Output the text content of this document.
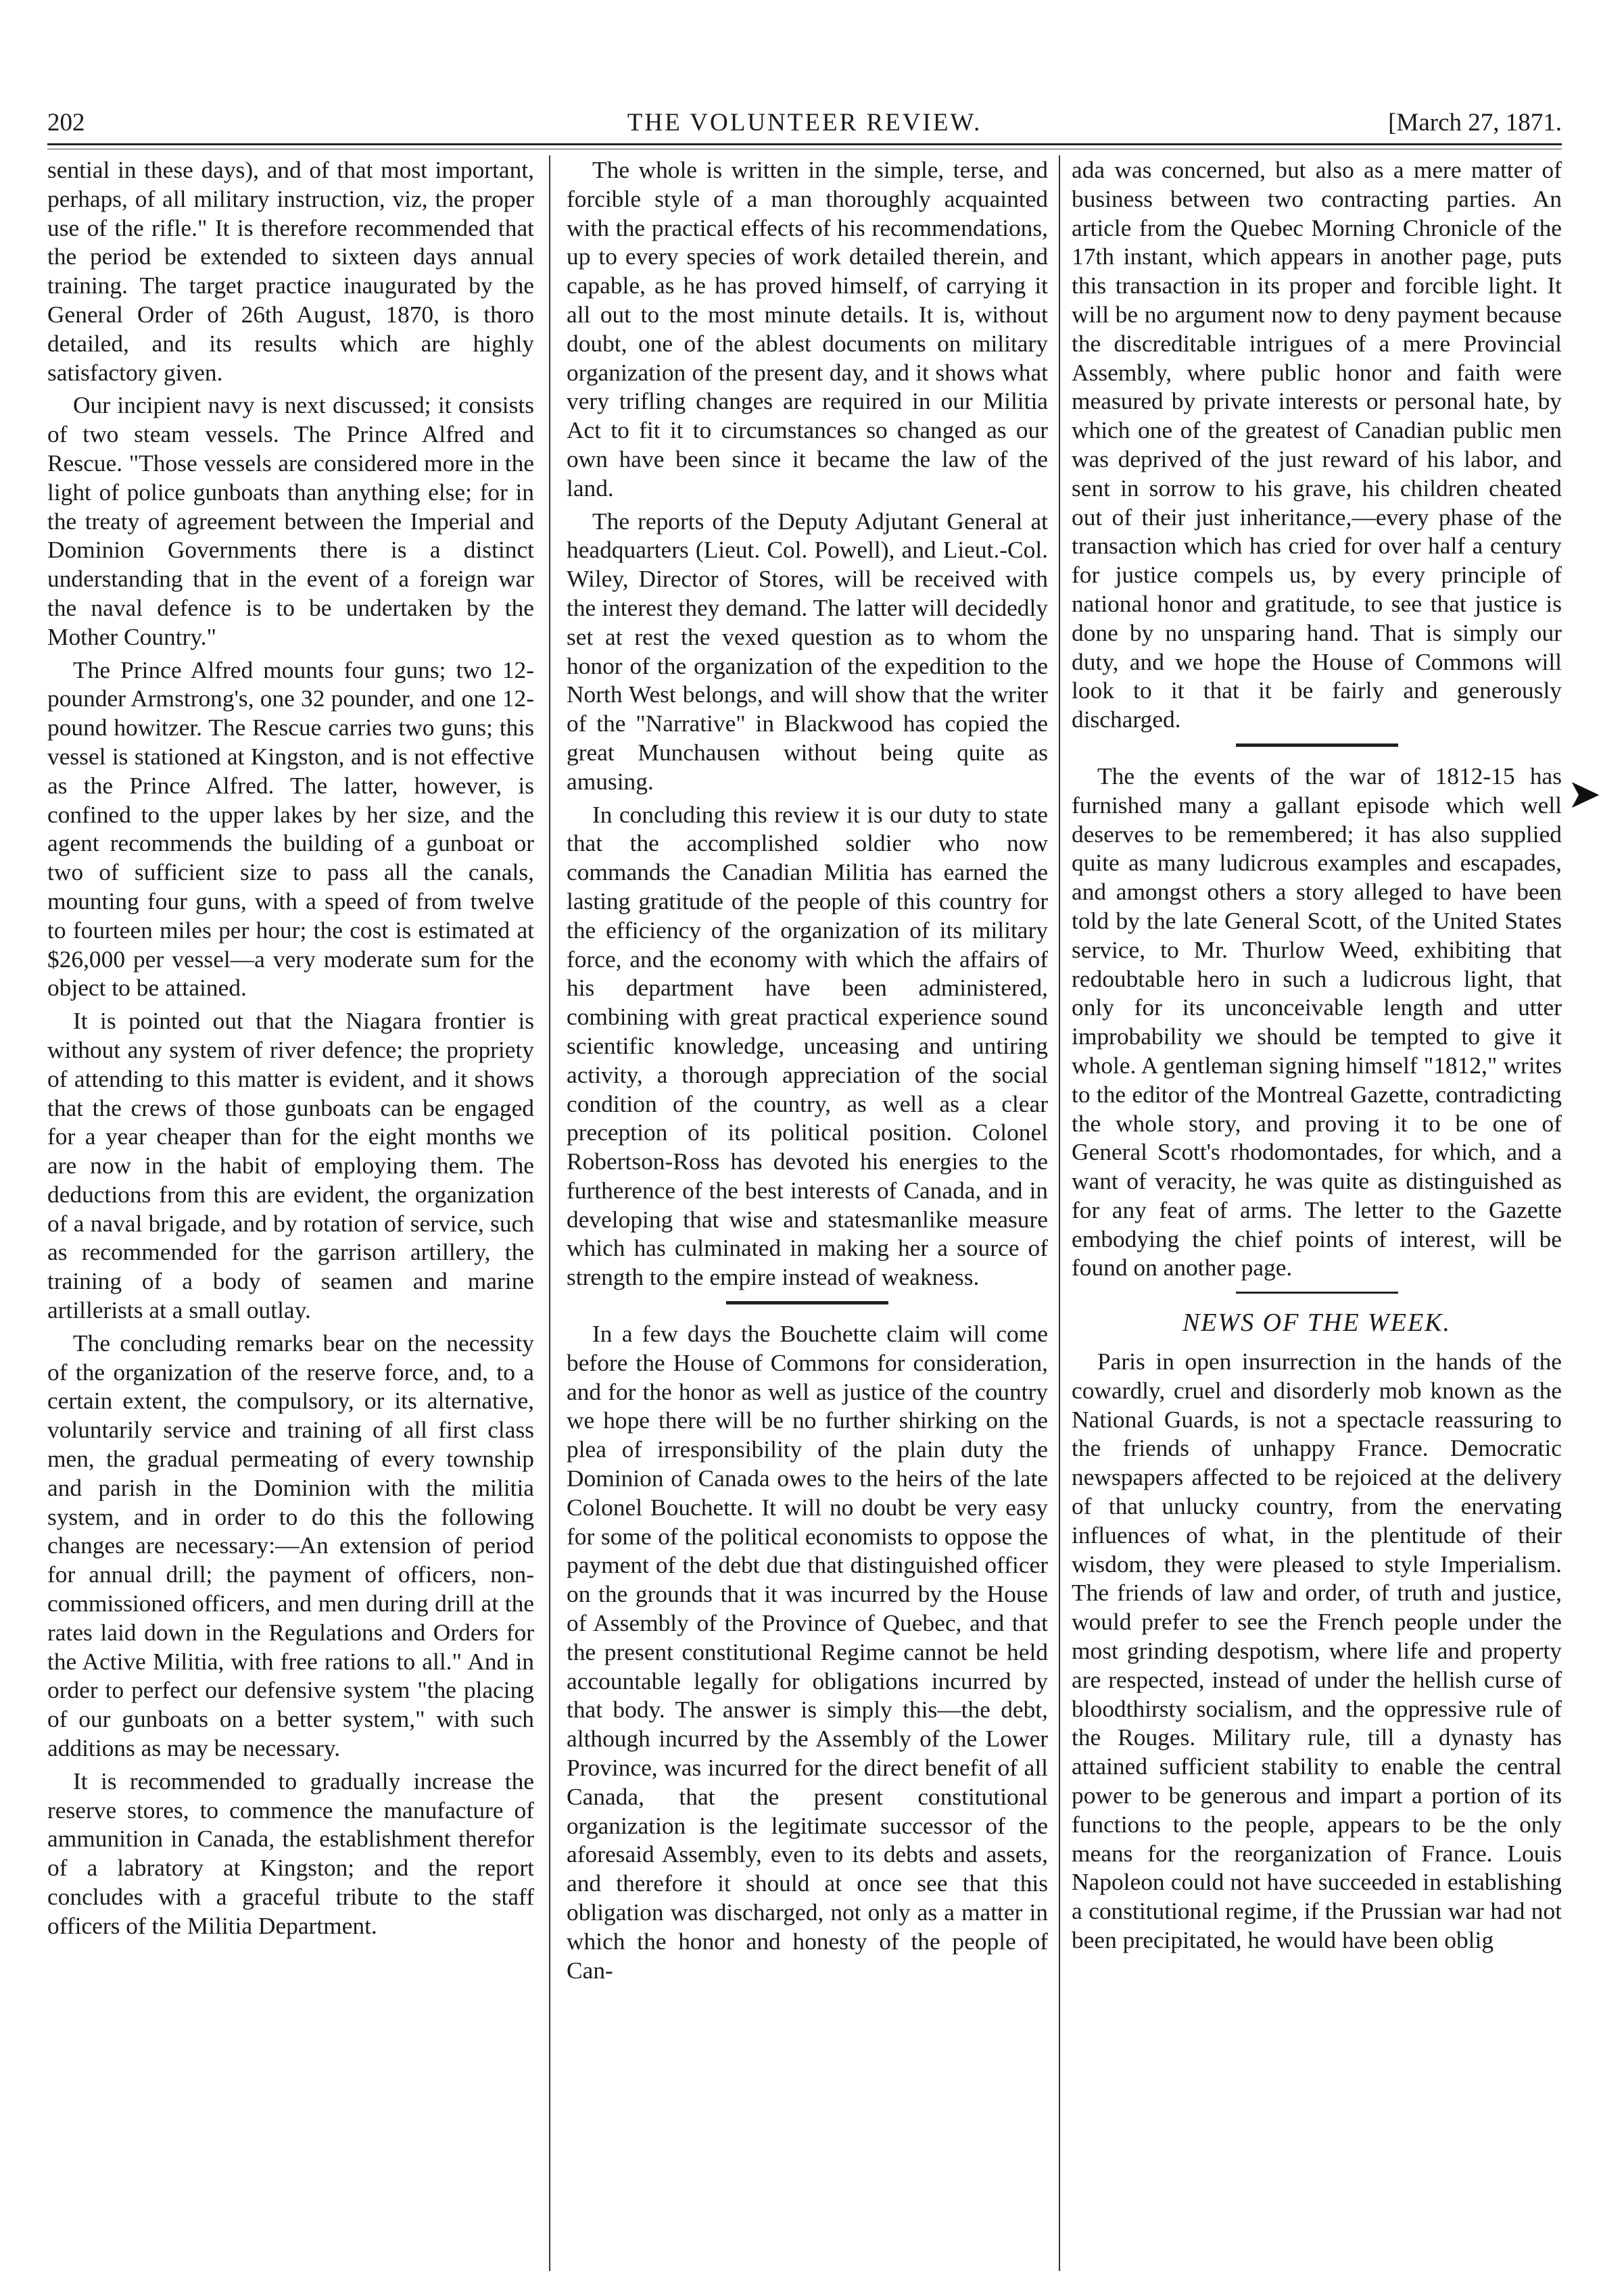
202	THE VOLUNTEER REVIEW.	[March 27, 1871.

sential in these days), and of that most important, perhaps, of all military instruction, viz, the proper use of the rifle." It is therefore recommended that the period be extended to sixteen days annual training. The target practice inaugurated by the General Order of 26th August, 1870, is thoro detailed, and its results which are highly satisfactory given.

Our incipient navy is next discussed; it consists of two steam vessels. The Prince Alfred and Rescue. "Those vessels are considered more in the light of police gunboats than anything else; for in the treaty of agreement between the Imperial and Dominion Governments there is a distinct understanding that in the event of a foreign war the naval defence is to be undertaken by the Mother Country."

The Prince Alfred mounts four guns; two 12-pounder Armstrong's, one 32 pounder, and one 12-pound howitzer. The Rescue carries two guns; this vessel is stationed at Kingston, and is not effective as the Prince Alfred. The latter, however, is confined to the upper lakes by her size, and the agent recommends the building of a gunboat or two of sufficient size to pass all the canals, mounting four guns, with a speed of from twelve to fourteen miles per hour; the cost is estimated at $26,000 per vessel—a very moderate sum for the object to be attained.

It is pointed out that the Niagara frontier is without any system of river defence; the propriety of attending to this matter is evident, and it shows that the crews of those gunboats can be engaged for a year cheaper than for the eight months we are now in the habit of employing them. The deductions from this are evident, the organization of a naval brigade, and by rotation of service, such as recommended for the garrison artillery, the training of a body of seamen and marine artillerists at a small outlay.

The concluding remarks bear on the necessity of the organization of the reserve force, and, to a certain extent, the compulsory, or its alternative, voluntarily service and training of all first class men, the gradual permeating of every township and parish in the Dominion with the militia system, and in order to do this the following changes are necessary:—An extension of period for annual drill; the payment of officers, non-commissioned officers, and men during drill at the rates laid down in the Regulations and Orders for the Active Militia, with free rations to all." And in order to perfect our defensive system "the placing of our gunboats on a better system," with such additions as may be necessary.

It is recommended to gradually increase the reserve stores, to commence the manufacture of ammunition in Canada, the establishment therefor of a labratory at Kingston; and the report concludes with a graceful tribute to the staff officers of the Militia Department.

The whole is written in the simple, terse, and forcible style of a man thoroughly acquainted with the practical effects of his recommendations, up to every species of work detailed therein, and capable, as he has proved himself, of carrying it all out to the most minute details. It is, without doubt, one of the ablest documents on military organization of the present day, and it shows what very trifling changes are required in our Militia Act to fit it to circumstances so changed as our own have been since it became the law of the land.

The reports of the Deputy Adjutant General at headquarters (Lieut. Col. Powell), and Lieut.-Col. Wiley, Director of Stores, will be received with the interest they demand. The latter will decidedly set at rest the vexed question as to whom the honor of the organization of the expedition to the North West belongs, and will show that the writer of the "Narrative" in Blackwood has copied the great Munchausen without being quite as amusing.

In concluding this review it is our duty to state that the accomplished soldier who now commands the Canadian Militia has earned the lasting gratitude of the people of this country for the efficiency of the organization of its military force, and the economy with which the affairs of his department have been administered, combining with great practical experience sound scientific knowledge, unceasing and untiring activity, a thorough appreciation of the social condition of the country, as well as a clear preception of its political position. Colonel Robertson-Ross has devoted his energies to the furtherence of the best interests of Canada, and in developing that wise and statesmanlike measure which has culminated in making her a source of strength to the empire instead of weakness.

In a few days the Bouchette claim will come before the House of Commons for consideration, and for the honor as well as justice of the country we hope there will be no further shirking on the plea of irresponsibility of the plain duty the Dominion of Canada owes to the heirs of the late Colonel Bouchette. It will no doubt be very easy for some of the political economists to oppose the payment of the debt due that distinguished officer on the grounds that it was incurred by the House of Assembly of the Province of Quebec, and that the present constitutional Regime cannot be held accountable legally for obligations incurred by that body. The answer is simply this—the debt, although incurred by the Assembly of the Lower Province, was incurred for the direct benefit of all Canada, that the present constitutional organization is the legitimate successor of the aforesaid Assembly, even to its debts and assets, and therefore it should at once see that this obligation was discharged, not only as a matter in which the honor and honesty of the people of Can-

ada was concerned, but also as a mere matter of business between two contracting parties. An article from the Quebec Morning Chronicle of the 17th instant, which appears in another page, puts this transaction in its proper and forcible light. It will be no argument now to deny payment because the discreditable intrigues of a mere Provincial Assembly, where public honor and faith were measured by private interests or personal hate, by which one of the greatest of Canadian public men was deprived of the just reward of his labor, and sent in sorrow to his grave, his children cheated out of their just inheritance,—every phase of the transaction which has cried for over half a century for justice compels us, by every principle of national honor and gratitude, to see that justice is done by no unsparing hand. That is simply our duty, and we hope the House of Commons will look to it that it be fairly and generously discharged.

The the events of the war of 1812-15 has furnished many a gallant episode which well deserves to be remembered; it has also supplied quite as many ludicrous examples and escapades, and amongst others a story alleged to have been told by the late General Scott, of the United States service, to Mr. Thurlow Weed, exhibiting that redoubtable hero in such a ludicrous light, that only for its unconceivable length and utter improbability we should be tempted to give it whole. A gentleman signing himself "1812," writes to the editor of the Montreal Gazette, contradicting the whole story, and proving it to be one of General Scott's rhodomontades, for which, and a want of veracity, he was quite as distinguished as for any feat of arms. The letter to the Gazette embodying the chief points of interest, will be found on another page.

NEWS OF THE WEEK.

Paris in open insurrection in the hands of the cowardly, cruel and disorderly mob known as the National Guards, is not a spectacle reassuring to the friends of unhappy France. Democratic newspapers affected to be rejoiced at the delivery of that unlucky country, from the enervating influences of what, in the plentitude of their wisdom, they were pleased to style Imperialism. The friends of law and order, of truth and justice, would prefer to see the French people under the most grinding despotism, where life and property are respected, instead of under the hellish curse of bloodthirsty socialism, and the oppressive rule of the Rouges. Military rule, till a dynasty has attained sufficient stability to enable the central power to be generous and impart a portion of its functions to the people, appears to be the only means for the reorganization of France. Louis Napoleon could not have succeeded in establishing a constitutional regime, if the Prussian war had not been precipitated, he would have been oblig

➤
